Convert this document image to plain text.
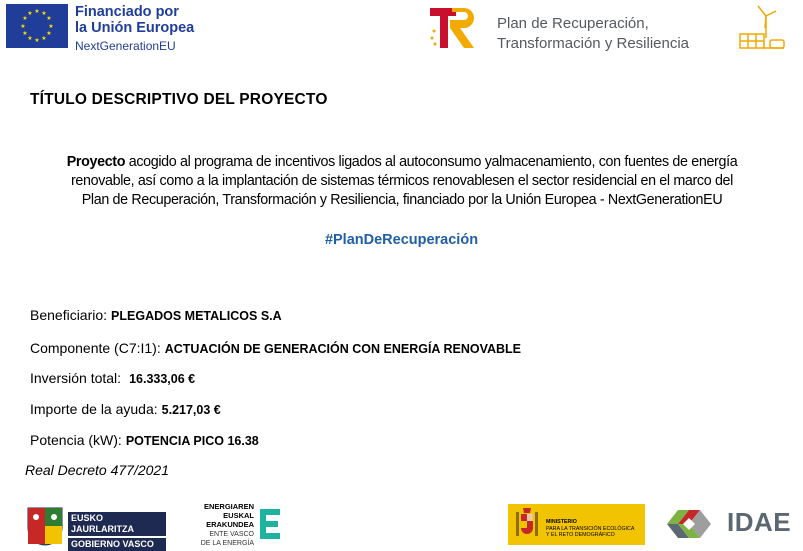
★ ★
★
★
★
★
★
★
★
★
★
★	Financiado por
la Unión Europea
NextGenerationEU
Plan de Recuperación,
Transformación y Resiliencia
TÍTULO DESCRIPTIVO DEL PROYECTO
Proyecto acogido al programa de incentivos ligados al autoconsumo yalmacenamiento, con fuentes de energía
renovable, así como a la implantación de sistemas térmicos renovablesen el sector residencial en el marco del
Plan de Recuperación, Transformación y Resiliencia, financiado por la Unión Europea - NextGenerationEU
#PlanDeRecuperación
Beneficiario: PLEGADOS METALICOS S.A
Componente (C7:I1): ACTUACIÓN DE GENERACIÓN CON ENERGÍA RENOVABLE
Inversión total: 16.333,06 €
Importe de la ayuda: 5.217,03 €
Potencia (kW): POTENCIA PICO 16.38
Real Decreto 477/2021
EUSKO JAURLARITZA
GOBIERNO VASCO
ENERGIAREN
EUSKAL ERAKUNDEA
ENTE VASCO
DE LA ENERGÍA
MINISTERIO
PARA LA TRANSICIÓN ECOLÓGICA
Y EL RETO DEMOGRÁFICO	IDAE
